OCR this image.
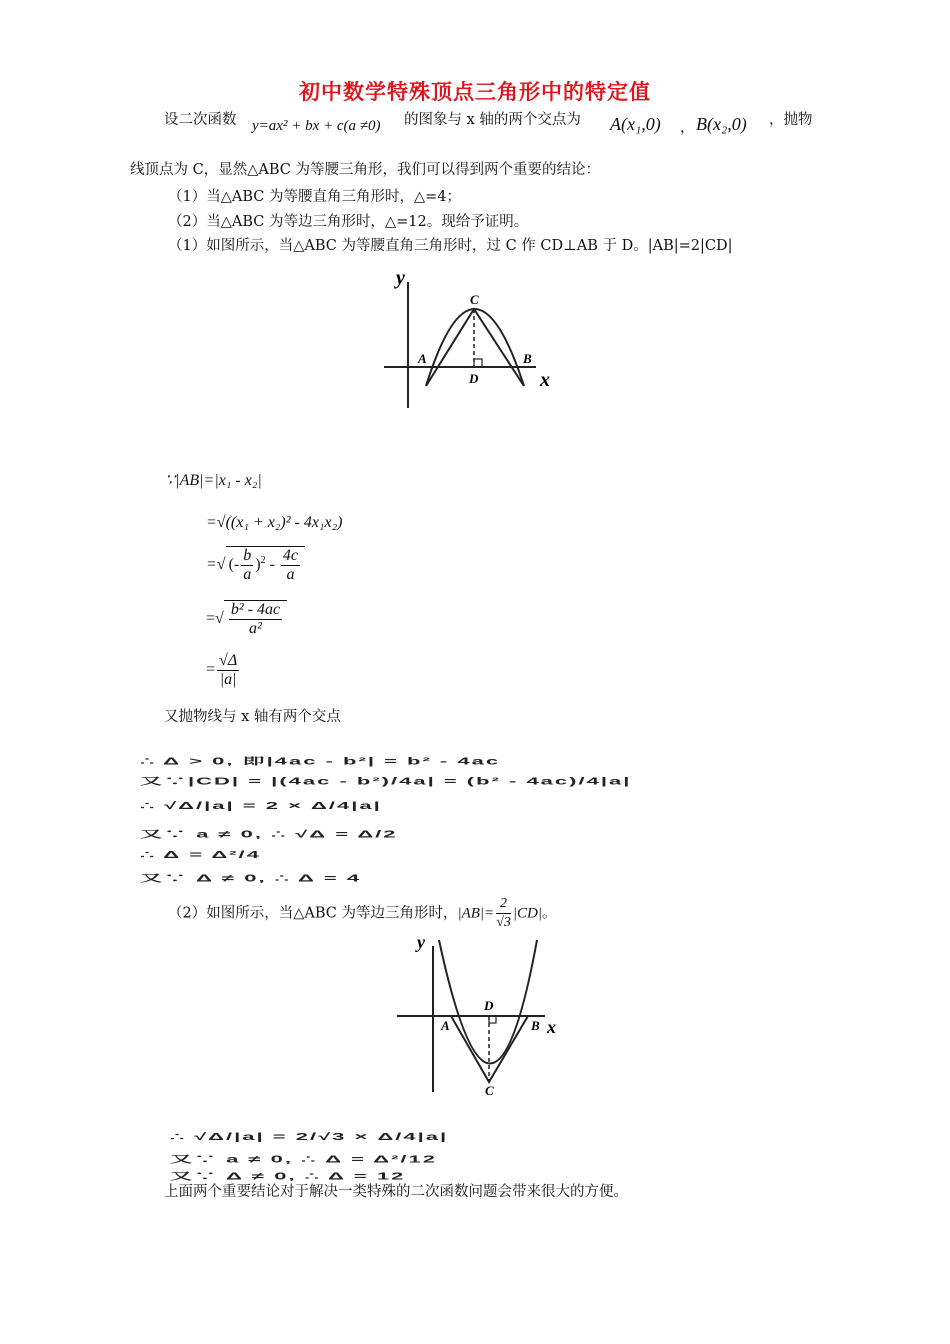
初中数学特殊顶点三角形中的特定值
设二次函数 y=ax² + bx + c(a ≠0) 的图象与 x 轴的两个交点为 A(x₁,0) ， B(x₂,0) ，抛物
线顶点为 C，显然△ABC 为等腰三角形，我们可以得到两个重要的结论：
（1）当△ABC 为等腰直角三角形时，△=4；
（2）当△ABC 为等边三角形时，△=12。现给予证明。
（1）如图所示，当△ABC 为等腰直角三角形时，过 C 作 CD⊥AB 于 D。|AB|=2|CD|
y
x
A	B
C
D
∵|AB|=|x₁ - x₂|
=√((x₁ + x₂)² - 4x₁x₂)
=√ (- $\frac{b}{a} )^2 - \frac{4c}{a}$
=√ $\frac{\text{b² - 4ac}}{\text{a²}}$
= $\frac{√\Delta}{|a|}$
又抛物线与 x 轴有两个交点
∴ Δ > 0, 即|4ac - b²| = b² - 4ac
又∵|CD| = |(4ac - b²)/4a| = (b² - 4ac)/4|a|
∴ √Δ/|a| = 2 × Δ/4|a|
又∵ a ≠ 0, ∴ √Δ = Δ/2
∴ Δ = Δ²/4
又∵ Δ ≠ 0, ∴ Δ = 4
（2）如图所示，当△ABC 为等边三角形时，$|AB|= \frac{2}{√3} |CD|$。
y
x
A	B
C
D
∴ √Δ/|a| = 2/√3 × Δ/4|a|
又∵ a ≠ 0, ∴ Δ = Δ²/12
又∵ Δ ≠ 0, ∴ Δ = 12
上面两个重要结论对于解决一类特殊的二次函数问题会带来很大的方便。
